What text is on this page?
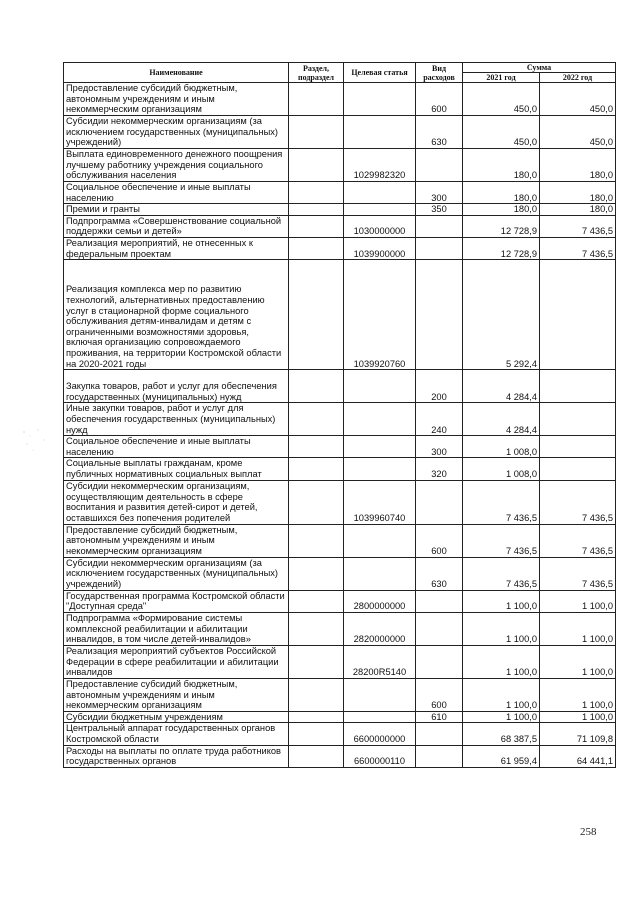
Наименование	Раздел, подраздел	Целевая статья	Вид расходов	Сумма	
				2021 год	2022 год
Предоставление субсидий бюджетным, автономным учреждениям и иным некоммерческим организациям			600	450,0	450,0
Субсидии некоммерческим организациям (за исключением государственных (муниципальных) учреждений)			630	450,0	450,0
Выплата единовременного денежного поощрения лучшему работнику учреждения социального обслуживания населения		1029982320		180,0	180,0
Социальное обеспечение и иные выплаты населению			300	180,0	180,0
Премии и гранты			350	180,0	180,0
Подпрограмма «Совершенствование социальной поддержки семьи и детей»		1030000000		12 728,9	7 436,5
Реализация мероприятий, не отнесенных к федеральным проектам		1039900000		12 728,9	7 436,5
Реализация комплекса мер по развитию технологий, альтернативных предоставлению услуг в стационарной форме социального обслуживания детям-инвалидам и детям с ограниченными возможностями здоровья, включая организацию сопровождаемого проживания, на территории Костромской области на 2020-2021 годы		1039920760		5 292,4	
Закупка товаров, работ и услуг для обеспечения государственных (муниципальных) нужд			200	4 284,4	
Иные закупки товаров, работ и услуг для обеспечения государственных (муниципальных) нужд			240	4 284,4	
Социальное обеспечение и иные выплаты населению			300	1 008,0	
Социальные выплаты гражданам, кроме публичных нормативных социальных выплат			320	1 008,0	
Субсидии некоммерческим организациям, осуществляющим деятельность в сфере воспитания и развития детей-сирот и детей, оставшихся без попечения родителей		1039960740		7 436,5	7 436,5
Предоставление субсидий бюджетным, автономным учреждениям и иным некоммерческим организациям			600	7 436,5	7 436,5
Субсидии некоммерческим организациям (за исключением государственных (муниципальных) учреждений)			630	7 436,5	7 436,5
Государственная программа Костромской области "Доступная среда"		2800000000		1 100,0	1 100,0
Подпрограмма «Формирование системы комплексной реабилитации и абилитации инвалидов, в том числе детей-инвалидов»		2820000000		1 100,0	1 100,0
Реализация мероприятий субъектов Российской Федерации в сфере реабилитации и абилитации инвалидов		28200R5140		1 100,0	1 100,0
Предоставление субсидий бюджетным, автономным учреждениям и иным некоммерческим организациям			600	1 100,0	1 100,0
Субсидии бюджетным учреждениям			610	1 100,0	1 100,0
Центральный аппарат государственных органов Костромской области		6600000000		68 387,5	71 109,8
Расходы на выплаты по оплате труда работников государственных органов		6600000110		61 959,4	64 441,1
258
